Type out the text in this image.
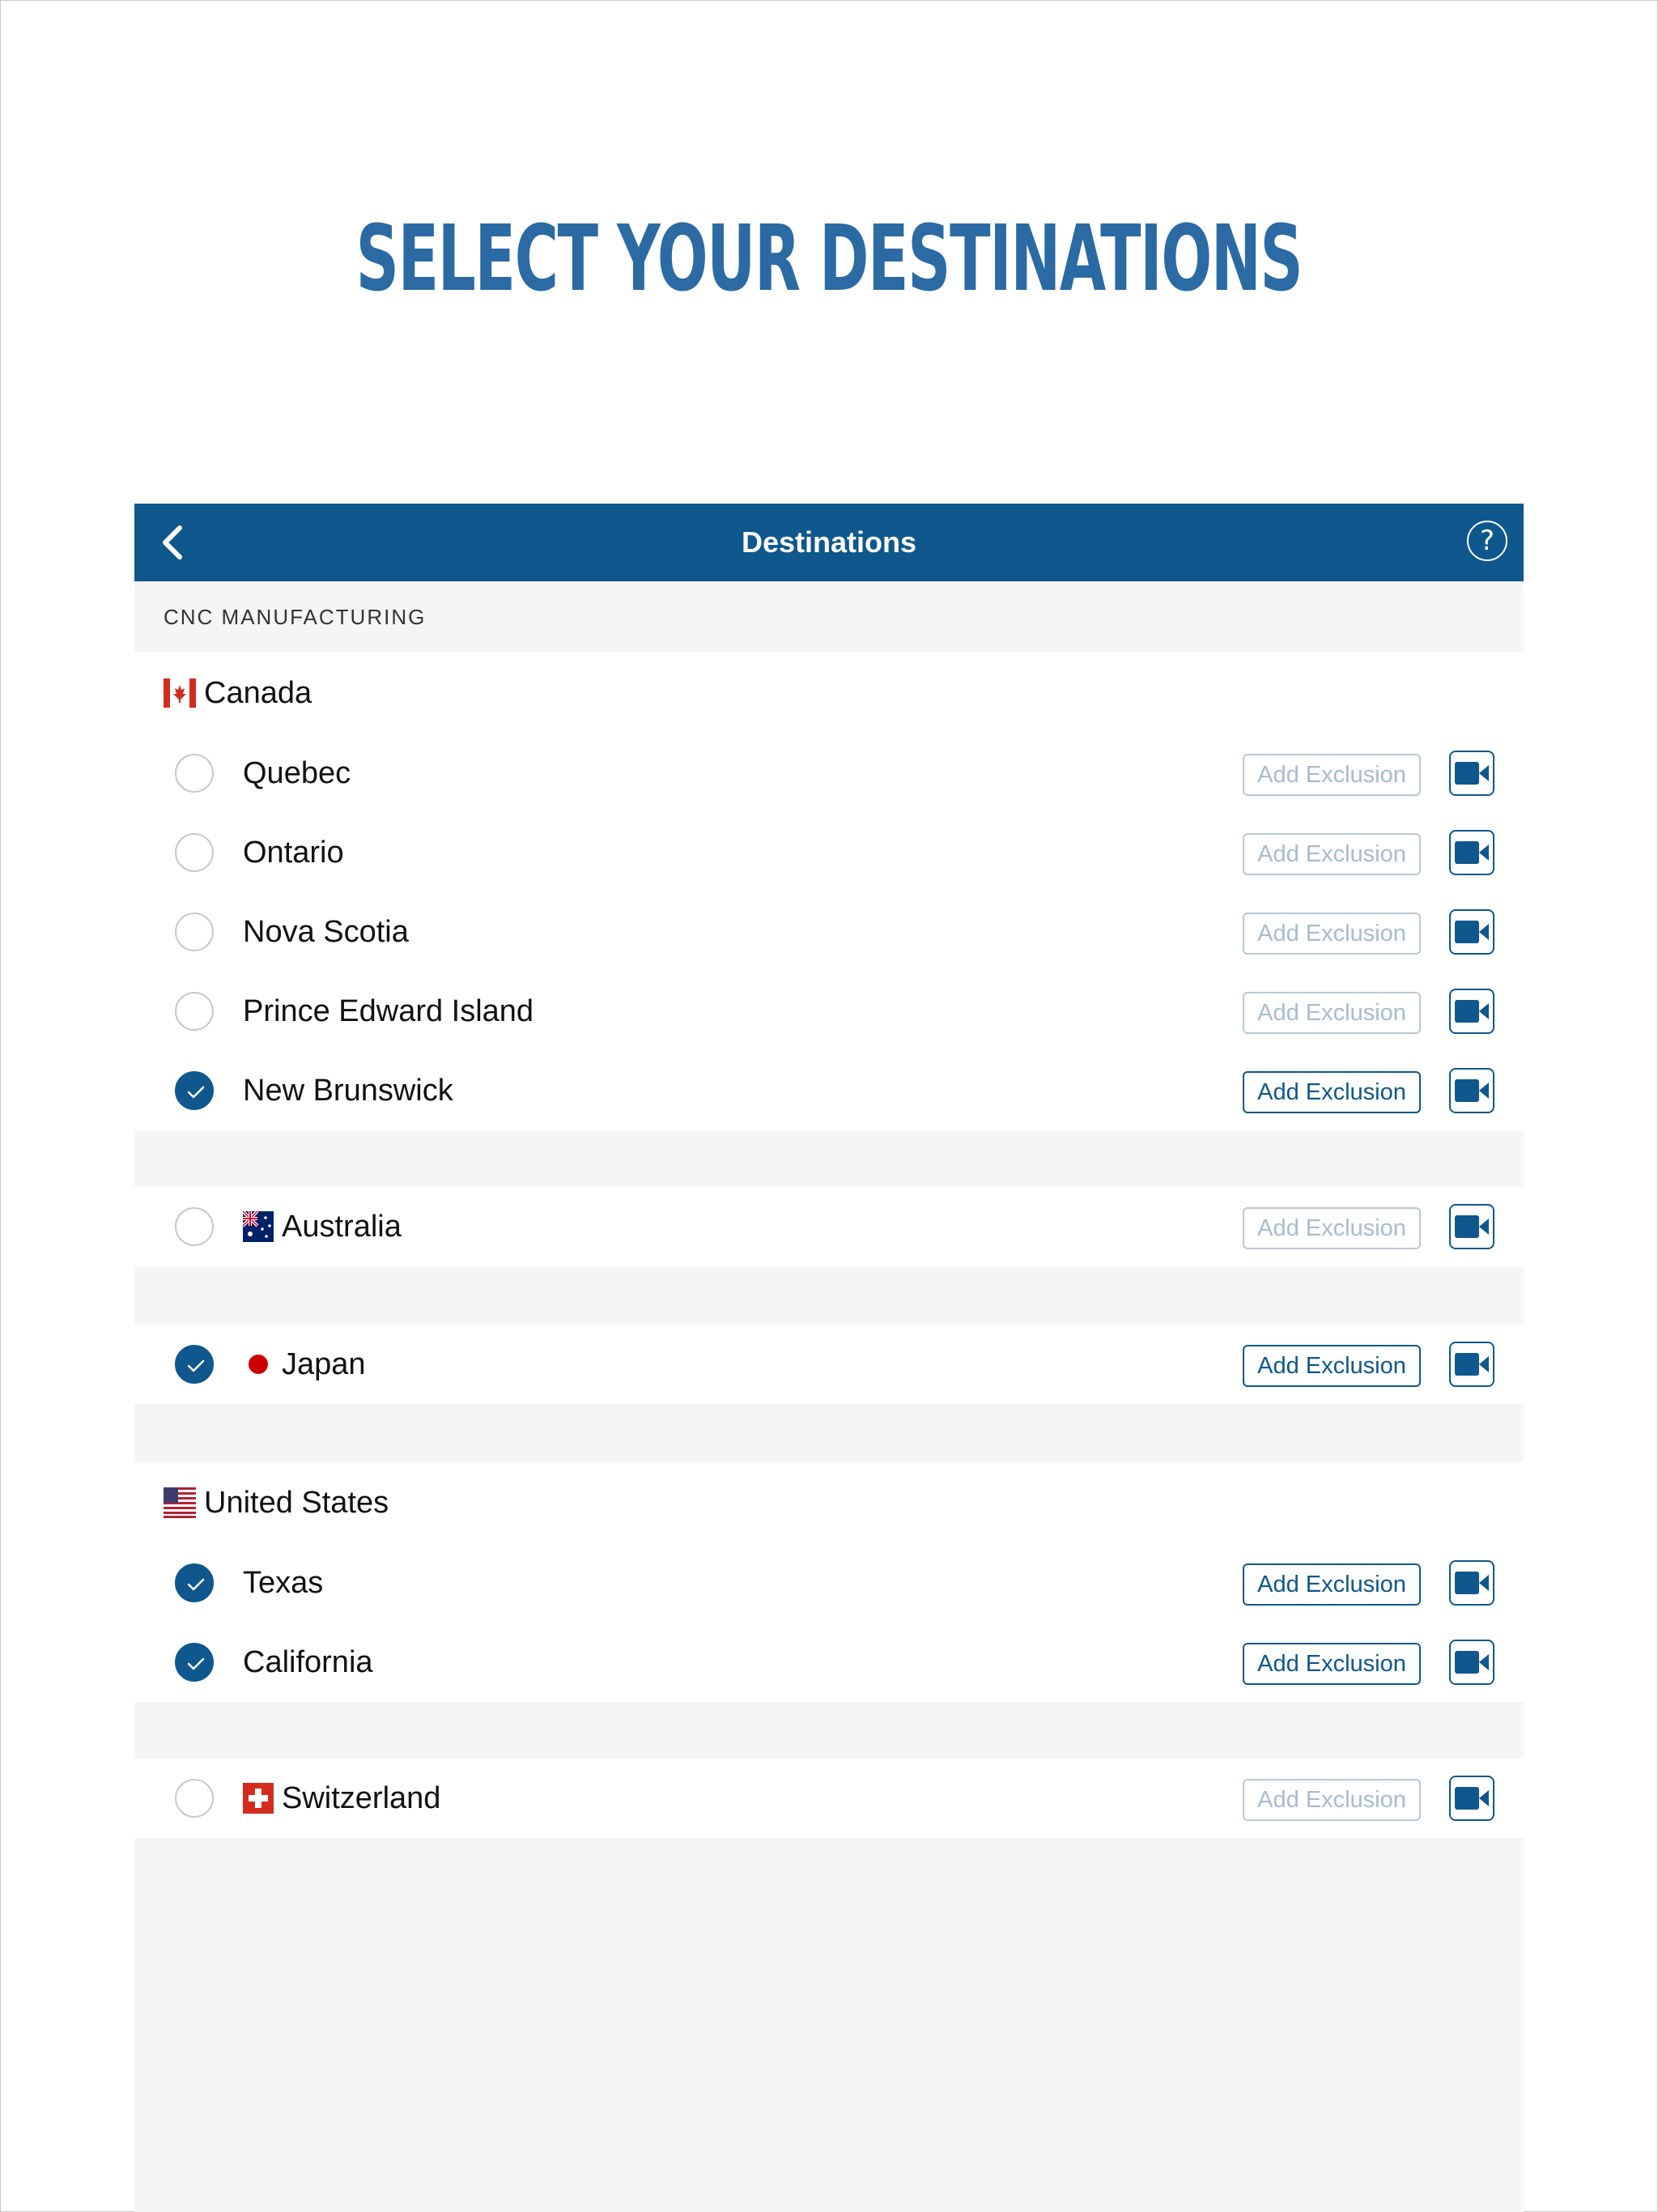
SELECT YOUR DESTINATIONS
Destinations	?
CNC MANUFACTURING
Canada
Quebec	Add Exclusion
Ontario	Add Exclusion
Nova Scotia	Add Exclusion
Prince Edward Island	Add Exclusion
New Brunswick	Add Exclusion
Australia	Add Exclusion
Japan	Add Exclusion
United States
Texas	Add Exclusion
California	Add Exclusion
Switzerland	Add Exclusion
